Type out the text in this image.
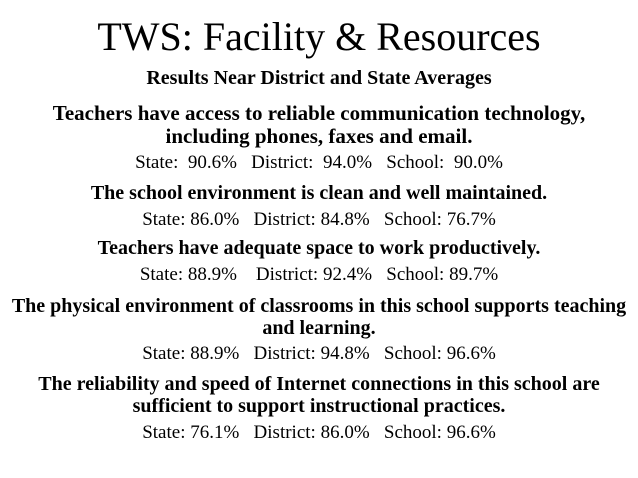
TWS: Facility & Resources
Results Near District and State Averages
Teachers have access to reliable communication technology,
including phones, faxes and email.
State:  90.6%   District:  94.0%   School:  90.0%
The school environment is clean and well maintained.
State: 86.0%   District: 84.8%   School: 76.7%
Teachers have adequate space to work productively.
State: 88.9%    District: 92.4%   School: 89.7%
The physical environment of classrooms in this school supports teaching
and learning.
State: 88.9%   District: 94.8%   School: 96.6%
The reliability and speed of Internet connections in this school are
sufficient to support instructional practices.
State: 76.1%   District: 86.0%   School: 96.6%
